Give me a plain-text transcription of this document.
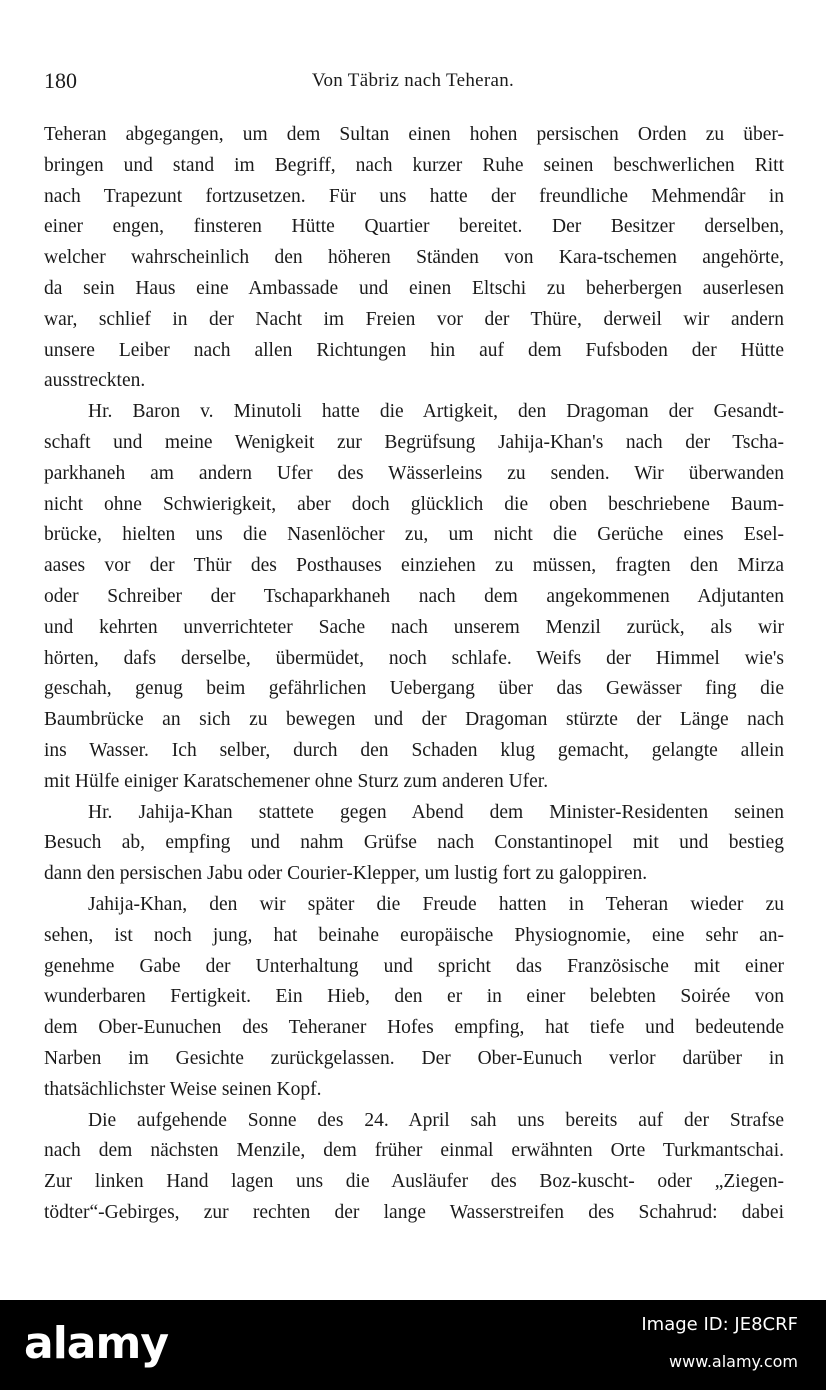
180	Von Täbriz nach Teheran.
Teheran abgegangen, um dem Sultan einen hohen persischen Orden zu über-
bringen und stand im Begriff, nach kurzer Ruhe seinen beschwerlichen Ritt
nach Trapezunt fortzusetzen. Für uns hatte der freundliche Mehmendâr in
einer engen, finsteren Hütte Quartier bereitet. Der Besitzer derselben,
welcher wahrscheinlich den höheren Ständen von Kara-tschemen angehörte,
da sein Haus eine Ambassade und einen Eltschi zu beherbergen auserlesen
war, schlief in der Nacht im Freien vor der Thüre, derweil wir andern
unsere Leiber nach allen Richtungen hin auf dem Fufsboden der Hütte
ausstreckten.
Hr. Baron v. Minutoli hatte die Artigkeit, den Dragoman der Gesandt-
schaft und meine Wenigkeit zur Begrüfsung Jahija-Khan's nach der Tscha-
parkhaneh am andern Ufer des Wässerleins zu senden. Wir überwanden
nicht ohne Schwierigkeit, aber doch glücklich die oben beschriebene Baum-
brücke, hielten uns die Nasenlöcher zu, um nicht die Gerüche eines Esel-
aases vor der Thür des Posthauses einziehen zu müssen, fragten den Mirza
oder Schreiber der Tschaparkhaneh nach dem angekommenen Adjutanten
und kehrten unverrichteter Sache nach unserem Menzil zurück, als wir
hörten, dafs derselbe, übermüdet, noch schlafe. Weifs der Himmel wie's
geschah, genug beim gefährlichen Uebergang über das Gewässer fing die
Baumbrücke an sich zu bewegen und der Dragoman stürzte der Länge nach
ins Wasser. Ich selber, durch den Schaden klug gemacht, gelangte allein
mit Hülfe einiger Karatschemener ohne Sturz zum anderen Ufer.
Hr. Jahija-Khan stattete gegen Abend dem Minister-Residenten seinen
Besuch ab, empfing und nahm Grüfse nach Constantinopel mit und bestieg
dann den persischen Jabu oder Courier-Klepper, um lustig fort zu galoppiren.
Jahija-Khan, den wir später die Freude hatten in Teheran wieder zu
sehen, ist noch jung, hat beinahe europäische Physiognomie, eine sehr an-
genehme Gabe der Unterhaltung und spricht das Französische mit einer
wunderbaren Fertigkeit. Ein Hieb, den er in einer belebten Soirée von
dem Ober-Eunuchen des Teheraner Hofes empfing, hat tiefe und bedeutende
Narben im Gesichte zurückgelassen. Der Ober-Eunuch verlor darüber in
thatsächlichster Weise seinen Kopf.
Die aufgehende Sonne des 24. April sah uns bereits auf der Strafse
nach dem nächsten Menzile, dem früher einmal erwähnten Orte Turkmantschai.
Zur linken Hand lagen uns die Ausläufer des Boz-kuscht- oder „Ziegen-
tödter“-Gebirges, zur rechten der lange Wasserstreifen des Schahrud: dabei
alamy	Image ID: JE8CRF
www.alamy.com
